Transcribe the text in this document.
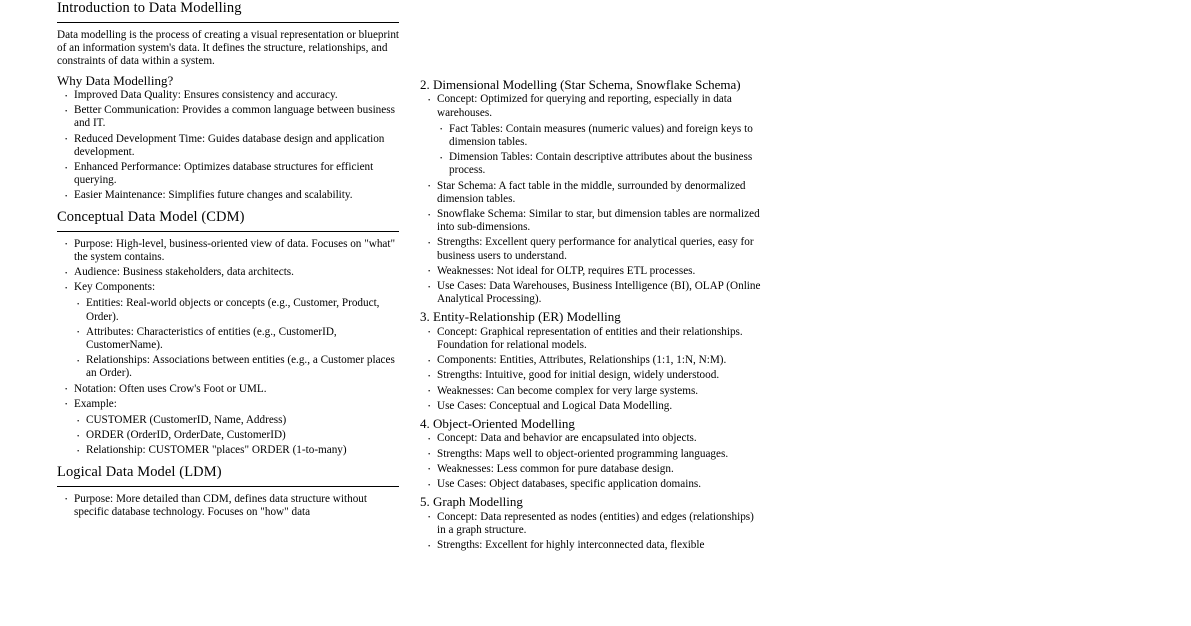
Introduction to Data Modelling

Data modelling is the process of creating a visual representation or blueprint of an information system's data. It defines the structure, relationships, and constraints of data within a system.

Why Data Modelling?
· Improved Data Quality: Ensures consistency and accuracy.
· Better Communication: Provides a common language between business and IT.
· Reduced Development Time: Guides database design and application development.
· Enhanced Performance: Optimizes database structures for efficient querying.
· Easier Maintenance: Simplifies future changes and scalability.
Conceptual Data Model (CDM)
· Purpose: High-level, business-oriented view of data. Focuses on "what" the system contains.
· Audience: Business stakeholders, data architects.
· Key Components:
· Entities: Real-world objects or concepts (e.g., Customer, Product, Order).
· Attributes: Characteristics of entities (e.g., CustomerID, CustomerName).
· Relationships: Associations between entities (e.g., a Customer places an Order).
· Notation: Often uses Crow's Foot or UML.
· Example:
· CUSTOMER (CustomerID, Name, Address)
· ORDER (OrderID, OrderDate, CustomerID)
· Relationship: CUSTOMER "places" ORDER (1-to-many)
Logical Data Model (LDM)
· Purpose: More detailed than CDM, defines data structure without specific database technology. Focuses on "how" data
2. Dimensional Modelling (Star Schema, Snowflake Schema)
· Concept: Optimized for querying and reporting, especially in data warehouses.
· Fact Tables: Contain measures (numeric values) and foreign keys to dimension tables.
· Dimension Tables: Contain descriptive attributes about the business process.
· Star Schema: A fact table in the middle, surrounded by denormalized dimension tables.
· Snowflake Schema: Similar to star, but dimension tables are normalized into sub-dimensions.
· Strengths: Excellent query performance for analytical queries, easy for business users to understand.
· Weaknesses: Not ideal for OLTP, requires ETL processes.
· Use Cases: Data Warehouses, Business Intelligence (BI), OLAP (Online Analytical Processing).
3. Entity-Relationship (ER) Modelling
· Concept: Graphical representation of entities and their relationships. Foundation for relational models.
· Components: Entities, Attributes, Relationships (1:1, 1:N, N:M).
· Strengths: Intuitive, good for initial design, widely understood.
· Weaknesses: Can become complex for very large systems.
· Use Cases: Conceptual and Logical Data Modelling.
4. Object-Oriented Modelling
· Concept: Data and behavior are encapsulated into objects.
· Strengths: Maps well to object-oriented programming languages.
· Weaknesses: Less common for pure database design.
· Use Cases: Object databases, specific application domains.
5. Graph Modelling
· Concept: Data represented as nodes (entities) and edges (relationships) in a graph structure.
· Strengths: Excellent for highly interconnected data, flexible
